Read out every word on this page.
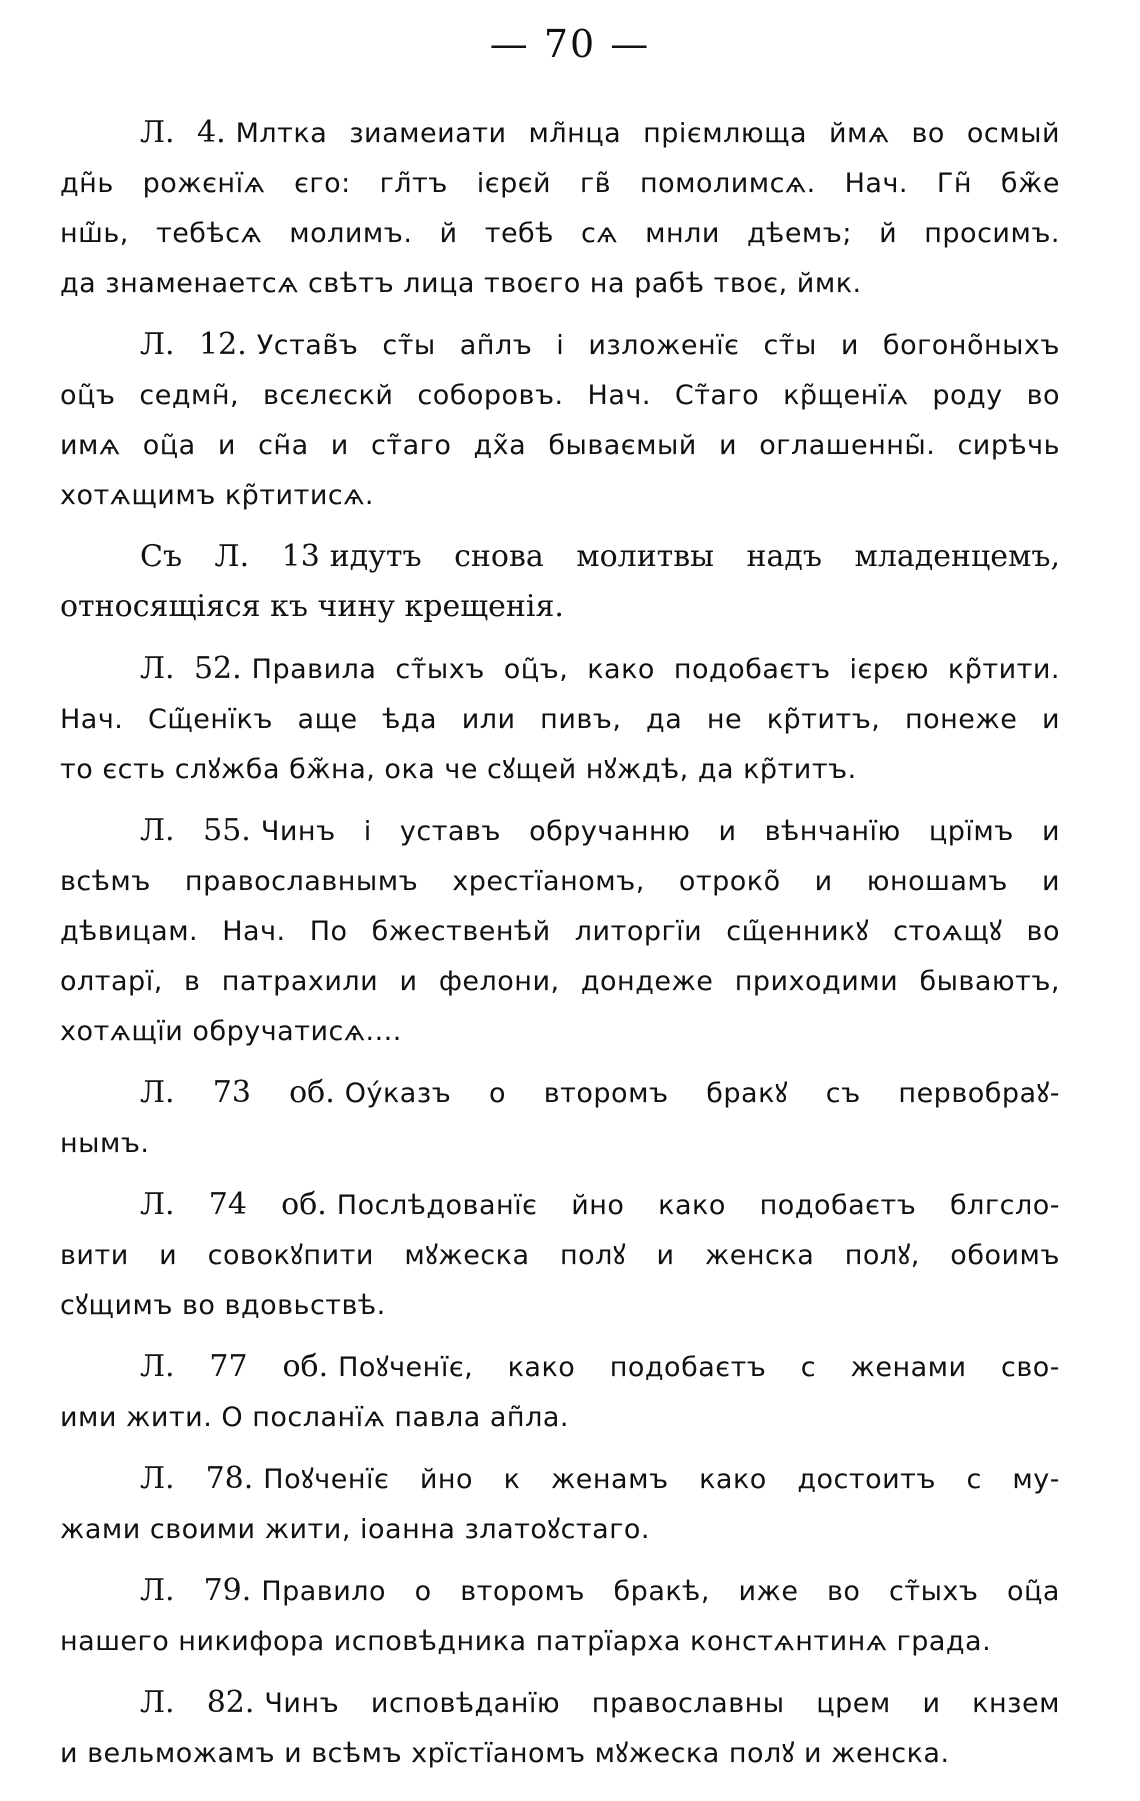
— 70 —
Л. 4. Млтка зиамеиати мл̃нца пріємлюща ймѧ во осмый
дн̃ь рожєнїѧ єго: гл̃тъ ієрєй гв̃ помолимсѧ. Нач. Гн̃ бж̃е
нш̃ь, тебѣсѧ молимъ. й тебѣ сѧ мнли дѣемъ; й просимъ.
да знаменаетсѧ свѣтъ лица твоєго на рабѣ твоє, ймк.
Л. 12. Устав̃ъ ст̃ы ап̃лъ і изложенїє ст̃ы и богоно̃ныхъ
оц̃ъ седмн̃, всєлєскй соборовъ. Нач. Ст̃аго кр̃щенїѧ роду во
имѧ оц̃а и сн̃а и ст̃аго дх̃а бываємый и оглашенны̃. сирѣчь
хотѧщимъ кр̃титисѧ.
Съ Л. 13 идутъ снова молитвы надъ младенцемъ,
относящіяся къ чину крещенія.
Л. 52. Правила ст̃ыхъ оц̃ъ, како подобаєтъ ієрєю кр̃тити.
Нач. Сщ̃енїкъ аще ѣда или пивъ, да не кр̃титъ, понеже и
то єсть слꙋжба бж̃на, ока че сꙋщей нꙋждѣ, да кр̃титъ.
Л. 55. Чинъ і уставъ обручанню и вѣнчанїю црїмъ и
всѣмъ православнымъ хрестїаномъ, отроко̃ и юношамъ и
дѣвицам. Нач. По бжественѣй литоргїи сщ̃енникꙋ стоѧщꙋ во
олтарї, в патрахили и фелони, дондеже приходими бываютъ,
хотѧщїи обручатисѧ....
Л. 73 об. Оу́казъ о второмъ бракꙋ съ первобраꙋ-
нымъ.
Л. 74 об. Послѣдованїє йно како подобаєтъ блгсло-
вити и совокꙋпити мꙋжеска полꙋ и женска полꙋ, обоимъ
сꙋщимъ во вдовьствѣ.
Л. 77 об. Поꙋченїє, како подобаєтъ с женами сво-
ими жити. О посланїѧ павла ап̃ла.
Л. 78. Поꙋченїє йно к женамъ како достоитъ с му-
жами своими жити, іоанна златоꙋстаго.
Л. 79. Правило о второмъ бракѣ, иже во ст̃ыхъ оц̃а
нашего никифора исповѣдника патрїарха констѧнтинѧ града.
Л. 82. Чинъ исповѣданїю православны црем и кнзем
и вельможамъ и всѣмъ хрїстїаномъ мꙋжеска полꙋ и женска.
